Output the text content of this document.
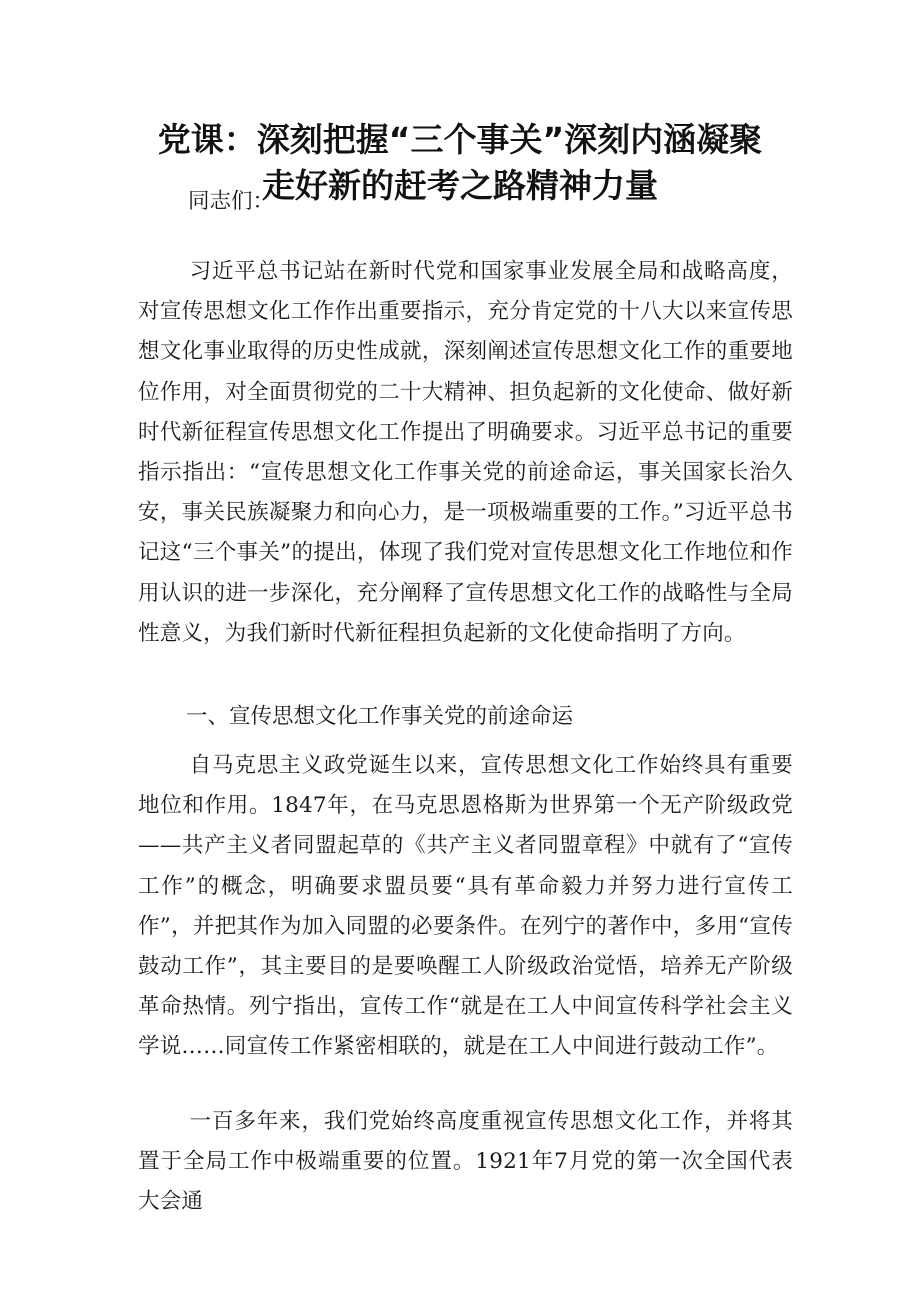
党课：深刻把握“三个事关”深刻内涵凝聚
走好新的赶考之路精神力量
同志们：
习近平总书记站在新时代党和国家事业发展全局和战略高度，对宣传思想文化工作作出重要指示，充分肯定党的十八大以来宣传思想文化事业取得的历史性成就，深刻阐述宣传思想文化工作的重要地位作用，对全面贯彻党的二十大精神、担负起新的文化使命、做好新时代新征程宣传思想文化工作提出了明确要求。习近平总书记的重要指示指出：“宣传思想文化工作事关党的前途命运，事关国家长治久安，事关民族凝聚力和向心力，是一项极端重要的工作。”习近平总书记这“三个事关”的提出，体现了我们党对宣传思想文化工作地位和作用认识的进一步深化，充分阐释了宣传思想文化工作的战略性与全局性意义，为我们新时代新征程担负起新的文化使命指明了方向。
一、宣传思想文化工作事关党的前途命运
自马克思主义政党诞生以来，宣传思想文化工作始终具有重要地位和作用。1847年，在马克思恩格斯为世界第一个无产阶级政党——共产主义者同盟起草的《共产主义者同盟章程》中就有了“宣传工作”的概念，明确要求盟员要“具有革命毅力并努力进行宣传工作”，并把其作为加入同盟的必要条件。在列宁的著作中，多用“宣传鼓动工作”，其主要目的是要唤醒工人阶级政治觉悟，培养无产阶级革命热情。列宁指出，宣传工作“就是在工人中间宣传科学社会主义学说……同宣传工作紧密相联的，就是在工人中间进行鼓动工作”。
一百多年来，我们党始终高度重视宣传思想文化工作，并将其置于全局工作中极端重要的位置。1921年7月党的第一次全国代表大会通
